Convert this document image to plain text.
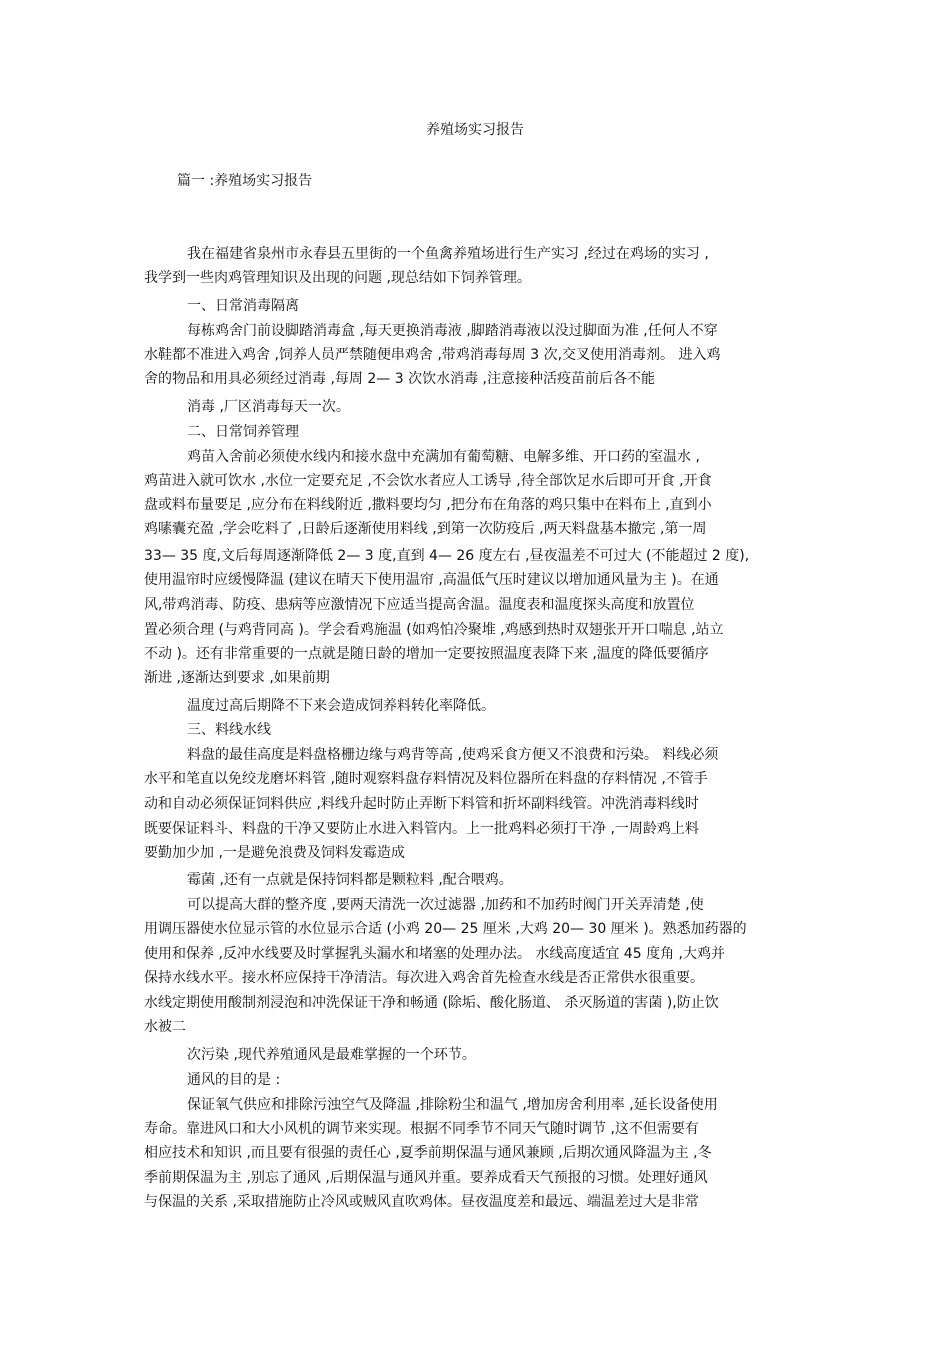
养殖场实习报告
篇一 :养殖场实习报告
我在福建省泉州市永春县五里街的一个鱼禽养殖场进行生产实习 ,经过在鸡场的实习 ,
我学到一些肉鸡管理知识及出现的问题 ,现总结如下饲养管理。
一、日常消毒隔离
每栋鸡舍门前设脚踏消毒盒 ,每天更换消毒液 ,脚踏消毒液以没过脚面为准 ,任何人不穿
水鞋都不准进入鸡舍 ,饲养人员严禁随便串鸡舍 ,带鸡消毒每周 3 次,交叉使用消毒剂。 进入鸡
舍的物品和用具必须经过消毒 ,每周 2— 3 次饮水消毒 ,注意接种活疫苗前后各不能
消毒 ,厂区消毒每天一次。
二、日常饲养管理
鸡苗入舍前必须使水线内和接水盘中充满加有葡萄糖、电解多维、开口药的室温水 ,
鸡苗进入就可饮水 ,水位一定要充足 ,不会饮水者应人工诱导 ,待全部饮足水后即可开食 ,开食
盘或料布量要足 ,应分布在料线附近 ,撒料要均匀 ,把分布在角落的鸡只集中在料布上 ,直到小
鸡嗉囊充盈 ,学会吃料了 ,日龄后逐渐使用料线 ,到第一次防疫后 ,两天料盘基本撤完 ,第一周
33— 35 度,文后每周逐渐降低 2— 3 度,直到 4— 26 度左右 ,昼夜温差不可过大 (不能超过 2 度),
使用温帘时应缓慢降温 (建议在晴天下使用温帘 ,高温低气压时建议以增加通风量为主 )。在通
风,带鸡消毒、防疫、患病等应激情况下应适当提高舍温。温度表和温度探头高度和放置位
置必须合理 (与鸡背同高 )。学会看鸡施温 (如鸡怕冷聚堆 ,鸡感到热时双翅张开开口喘息 ,站立
不动 )。还有非常重要的一点就是随日龄的增加一定要按照温度表降下来 ,温度的降低要循序
渐进 ,逐渐达到要求 ,如果前期
温度过高后期降不下来会造成饲养料转化率降低。
三、料线水线
料盘的最佳高度是料盘格栅边缘与鸡背等高 ,使鸡采食方便又不浪费和污染。 料线必须
水平和笔直以免绞龙磨坏料管 ,随时观察料盘存料情况及料位器所在料盘的存料情况 ,不管手
动和自动必须保证饲料供应 ,料线升起时防止弄断下料管和折坏副料线管。冲洗消毒料线时
既要保证料斗、料盘的干净又要防止水进入料管内。上一批鸡料必须打干净 ,一周龄鸡上料
要勤加少加 ,一是避免浪费及饲料发霉造成
霉菌 ,还有一点就是保持饲料都是颗粒料 ,配合喂鸡。
可以提高大群的整齐度 ,要两天清洗一次过滤器 ,加药和不加药时阀门开关弄清楚 ,使
用调压器使水位显示管的水位显示合适 (小鸡 20— 25 厘米 ,大鸡 20— 30 厘米 )。熟悉加药器的
使用和保养 ,反冲水线要及时掌握乳头漏水和堵塞的处理办法。 水线高度适宜 45 度角 ,大鸡并
保持水线水平。接水杯应保持干净清洁。每次进入鸡舍首先检查水线是否正常供水很重要。
水线定期使用酸制剂浸泡和冲洗保证干净和畅通 (除垢、酸化肠道、 杀灭肠道的害菌 ),防止饮
水被二
次污染 ,现代养殖通风是最难掌握的一个环节。
通风的目的是 :
保证氧气供应和排除污浊空气及降温 ,排除粉尘和温气 ,增加房舍利用率 ,延长设备使用
寿命。靠进风口和大小风机的调节来实现。根据不同季节不同天气随时调节 ,这不但需要有
相应技术和知识 ,而且要有很强的责任心 ,夏季前期保温与通风兼顾 ,后期次通风降温为主 ,冬
季前期保温为主 ,别忘了通风 ,后期保温与通风并重。要养成看天气预报的习惯。处理好通风
与保温的关系 ,采取措施防止冷风或贼风直吹鸡体。昼夜温度差和最远、端温差过大是非常
